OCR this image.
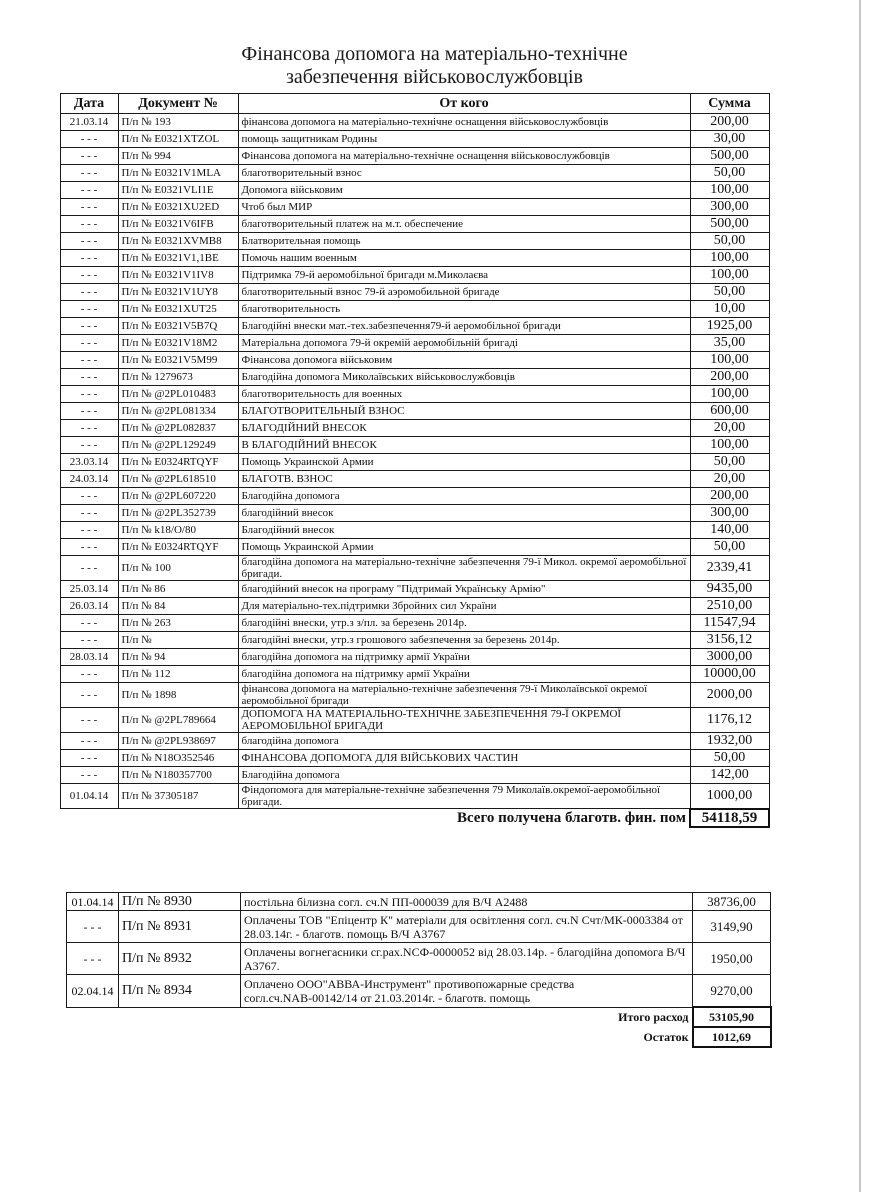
Фінансова допомога на матеріально-технічне
забезпечення військовослужбовців
	Дата	Документ №	От кого	Сумма
	21.03.14	П/п № 193	фінансова допомога на матеріально-технічне оснащення військовослужбовців	200,00
	- - -	П/п № E0321XTZOL	помощь защитникам Родины	30,00
	- - -	П/п № 994	Фінансова допомога на матеріально-технічне оснащення військовослужбовців	500,00
	- - -	П/п № E0321V1MLA	благотворительный взнос	50,00
	- - -	П/п № E0321VLI1E	Допомога військовим	100,00
	- - -	П/п № E0321XU2ED	Чтоб был МИР	300,00
	- - -	П/п № E0321V6IFB	благотворительный платеж на м.т. обеспечение	500,00
	- - -	П/п № E0321XVMB8	Блатворительная помощь	50,00
	- - -	П/п № E0321V1,1BE	Помочь нашим военным	100,00
	- - -	П/п № E0321V1IV8	Підтримка 79-й аеромобільної бригади м.Миколаєва	100,00
	- - -	П/п № E0321V1UY8	благотворительный взнос 79-й аэромобильной бригаде	50,00
	- - -	П/п № E0321XUT25	благотворительность	10,00
	- - -	П/п № E0321V5B7Q	Благодійні внески мат.-тех.забезпечення79-й аеромобільної бригади	1925,00
	- - -	П/п № E0321V18M2	Матеріальна допомога 79-й окремій аеромобільній бригаді	35,00
	- - -	П/п № E0321V5M99	Фінансова допомога військовим	100,00
	- - -	П/п № 1279673	Благодійна допомога Миколаївських військовослужбовців	200,00
	- - -	П/п № @2PL010483	благотворительность для военных	100,00
	- - -	П/п № @2PL081334	БЛАГОТВОРИТЕЛЬНЫЙ ВЗНОС	600,00
	- - -	П/п № @2PL082837	БЛАГОДІЙНИЙ ВНЕСОК	20,00
	- - -	П/п № @2PL129249	В БЛАГОДІЙНИЙ ВНЕСОК	100,00
	23.03.14	П/п № E0324RTQYF	Помощь Украинской Армии	50,00
	24.03.14	П/п № @2PL618510	БЛАГОТВ. ВЗНОС	20,00
	- - -	П/п № @2PL607220	Благодійна допомога	200,00
	- - -	П/п № @2PL352739	благодійний внесок	300,00
	- - -	П/п № k18/O/80	Благодійний внесок	140,00
	- - -	П/п № E0324RTQYF	Помощь Украинской Армии	50,00
	- - -	П/п № 100	благодійна допомога на матеріально-технічне забезпечення 79-ї Микол. окремої аеромобільної бригади.	2339,41
	25.03.14	П/п № 86	благодійний внесок на програму "Підтримай Українську Армію"	9435,00
	26.03.14	П/п № 84	Для матеріально-тех.підтримки Збройних сил України	2510,00
	- - -	П/п № 263	благодійні внески, утр.з з/пл. за березень 2014р.	11547,94
	- - -	П/п №	благодійні внески, утр.з грошового забезпечення за березень 2014р.	3156,12
	28.03.14	П/п № 94	благодійна допомога на підтримку армії України	3000,00
	- - -	П/п № 112	благодійна допомога на підтримку армії України	10000,00
	- - -	П/п № 1898	фінансова допомога на матеріально-технічне забезпечення 79-ї Миколаївської окремої аеромобільної бригади	2000,00
	- - -	П/п № @2PL789664	ДОПОМОГА НА МАТЕРІАЛЬНО-ТЕХНІЧНЕ ЗАБЕЗПЕЧЕННЯ 79-Ї ОКРЕМОЇ АЕРОМОБІЛЬНОЇ БРИГАДИ	1176,12
	- - -	П/п № @2PL938697	благодійна допомога	1932,00
	- - -	П/п № N18O352546	ФІНАНСОВА ДОПОМОГА ДЛЯ ВІЙСЬКОВИХ ЧАСТИН	50,00
	- - -	П/п № N180357700	Благодійна допомога	142,00
	01.04.14	П/п № 37305187	Фіндопомога для матеріальне-технічне забезпечення 79 Миколаїв.окремої-аеромобільної бригади.	1000,00
	Всего получена благотв. фин. пом			54118,59
01.04.14	П/п № 8930	постільна білизна согл. сч.N ПП-000039 для В/Ч А2488	38736,00
- - -	П/п № 8931	Оплачены ТОВ "Епіцентр К" матеріали для освітлення согл. сч.N Счт/МК-0003384 от 28.03.14г. - благотв. помощь В/Ч А3767	3149,90
- - -	П/п № 8932	Оплачены вогнегасники сг.рах.NСФ-0000052 від 28.03.14р. - благодійна допомога В/Ч А3767.	1950,00
02.04.14	П/п № 8934	Оплачено ООО"АВВА-Инструмент" противопожарные средства согл.сч.NАВ-00142/14 от 21.03.2014г. - благотв. помощь	9270,00
Итого расход			53105,90
Остаток			1012,69
